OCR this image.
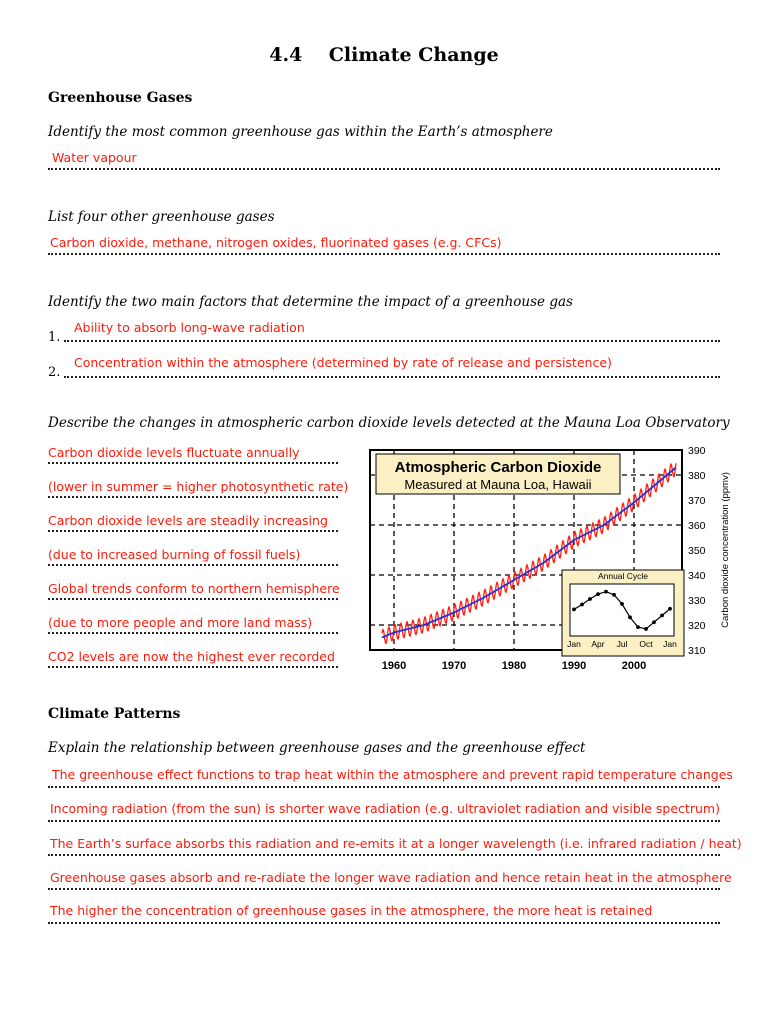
4.4    Climate Change
Greenhouse Gases
Identify the most common greenhouse gas within the Earth’s atmosphere
Water vapour
List four other greenhouse gases
Carbon dioxide, methane, nitrogen oxides, fluorinated gases (e.g. CFCs)
Identify the two main factors that determine the impact of a greenhouse gas
1.
Ability to absorb long-wave radiation
2.
Concentration within the atmosphere (determined by rate of release and persistence)
Describe the changes in atmospheric carbon dioxide levels detected at the Mauna Loa Observatory
Carbon dioxide levels fluctuate annually
(lower in summer = higher photosynthetic rate)
Carbon dioxide levels are steadily increasing
(due to increased burning of fossil fuels)
Global trends conform to northern hemisphere
(due to more people and more land mass)
CO2 levels are now the highest ever recorded	310
320
330
340
350
360
370
380
390
1960	1970	1980	1990	2000
Atmospheric Carbon Dioxide
Measured at Mauna Loa, Hawaii
Annual Cycle
Jan Apr Jul Oct Jan
Carbon dioxide concentration (ppmv)
Climate Patterns
Explain the relationship between greenhouse gases and the greenhouse effect
The greenhouse effect functions to trap heat within the atmosphere and prevent rapid temperature changes
Incoming radiation (from the sun) is shorter wave radiation (e.g. ultraviolet radiation and visible spectrum)
The Earth’s surface absorbs this radiation and re-emits it at a longer wavelength (i.e. infrared radiation / heat)
Greenhouse gases absorb and re-radiate the longer wave radiation and hence retain heat in the atmosphere
The higher the concentration of greenhouse gases in the atmosphere, the more heat is retained
